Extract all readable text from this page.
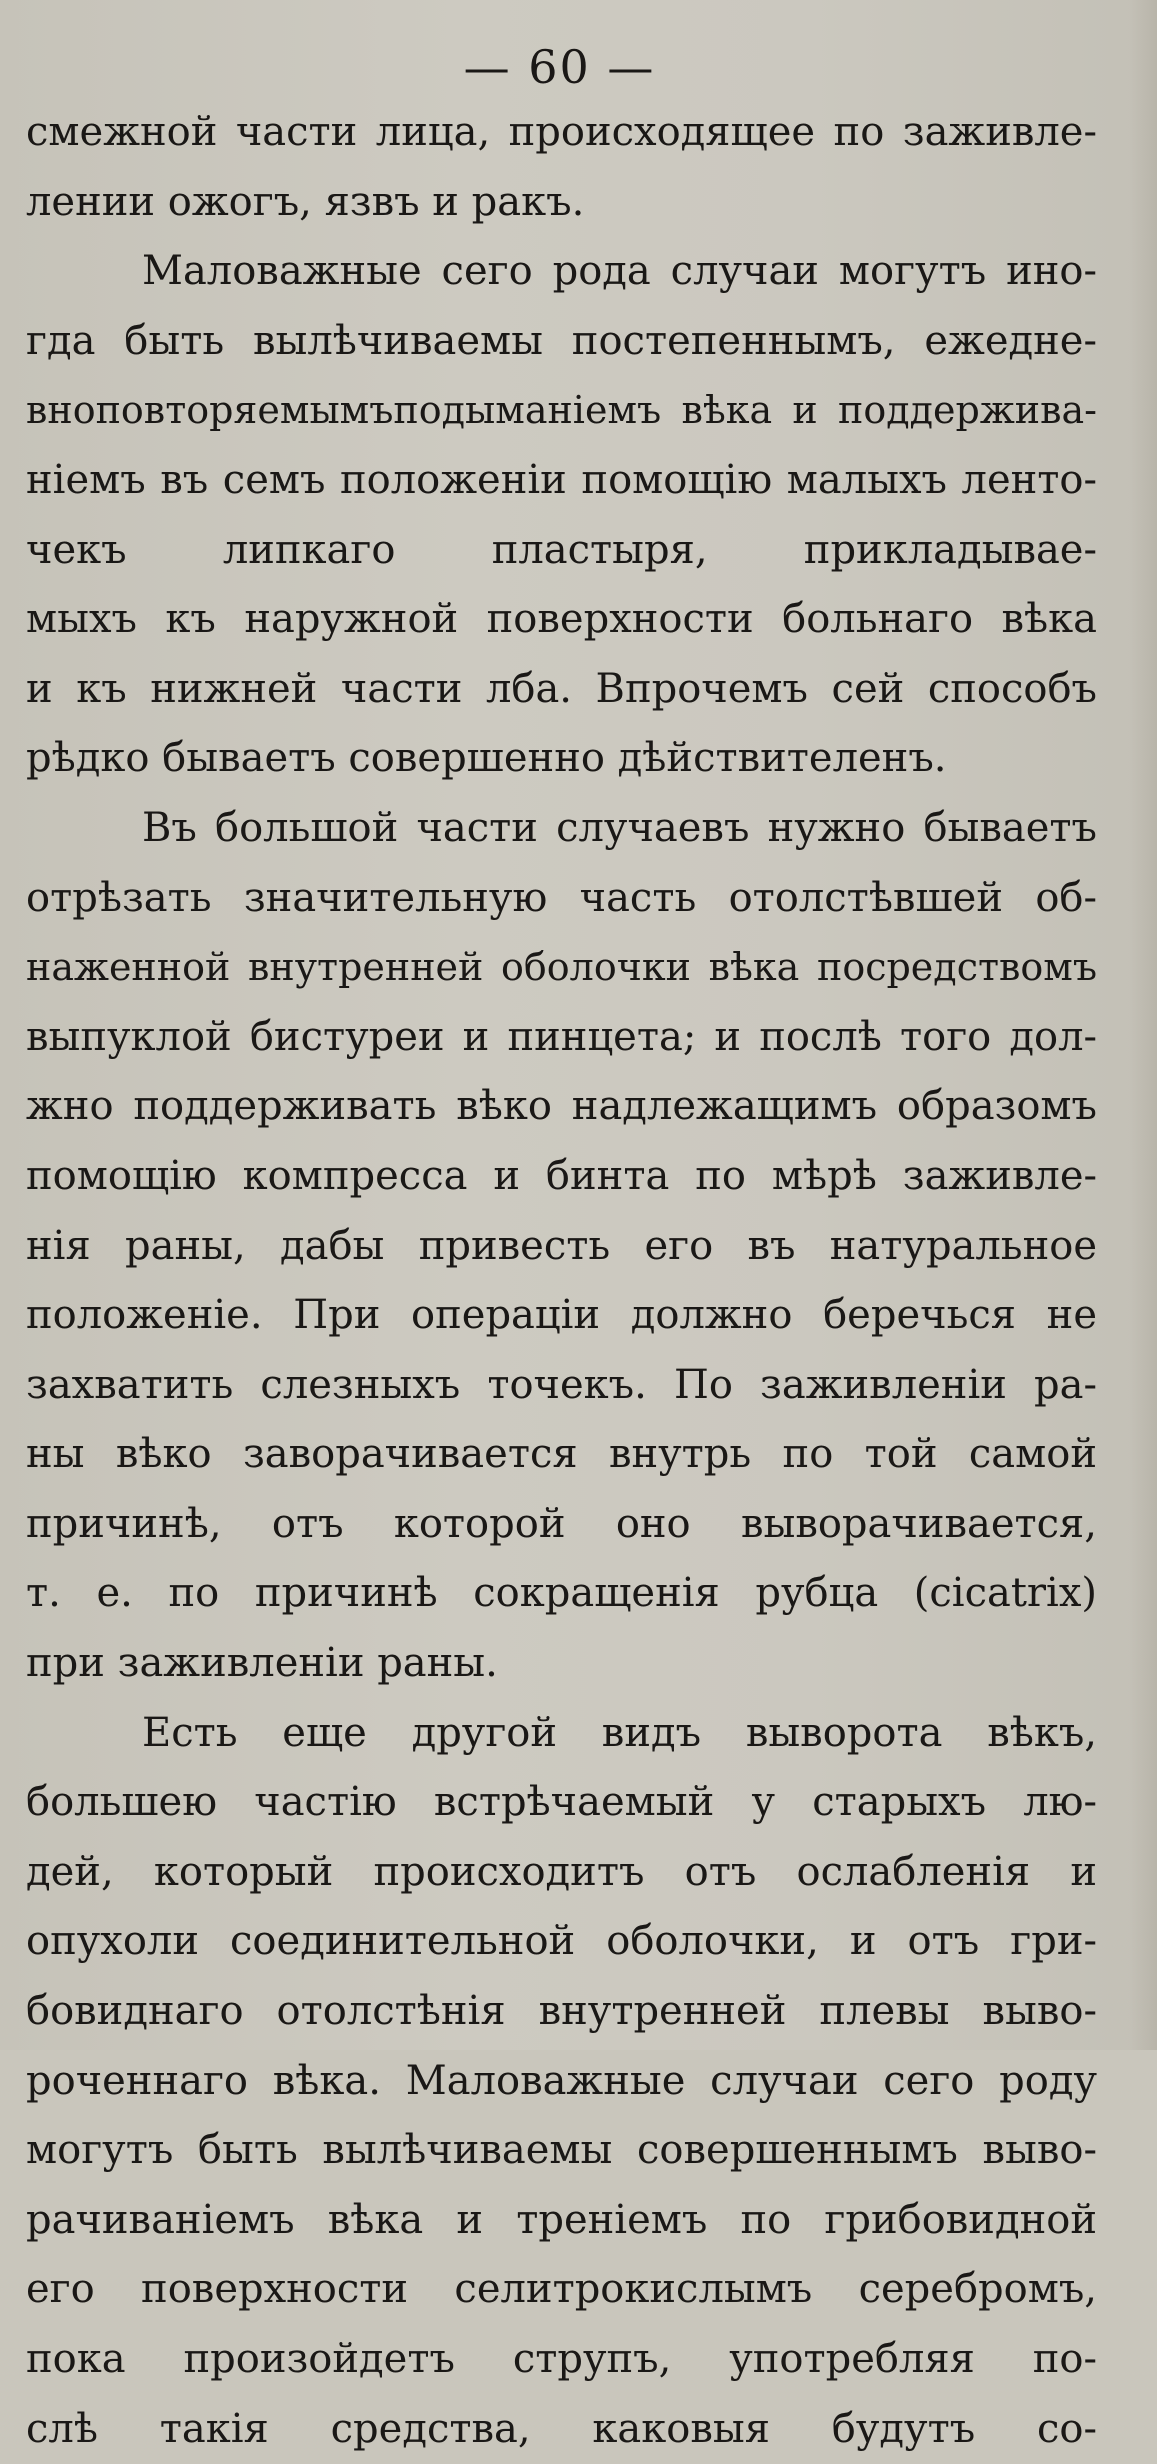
— 60 —
смежной части лица, происходящее по заживле-
лении ожогъ, язвъ и ракъ.
Маловажные сего рода случаи могутъ ино-
гда быть вылѣчиваемы постепеннымъ, ежедне-
вноповторяемымъподыманіемъ вѣка и поддержива-
ніемъ въ семъ положеніи помощію малыхъ ленто-
чекъ липкаго пластыря, прикладывае-
мыхъ къ наружной поверхности больнаго вѣка
и къ нижней части лба. Впрочемъ сей способъ
рѣдко бываетъ совершенно дѣйствителенъ.
Въ большой части случаевъ нужно бываетъ
отрѣзать значительную часть отолстѣвшей об-
наженной внутренней оболочки вѣка посредствомъ
выпуклой бистуреи и пинцета; и послѣ того дол-
жно поддерживать вѣко надлежащимъ образомъ
помощію компресса и бинта по мѣрѣ заживле-
нія раны, дабы привесть его въ натуральное
положеніе. При операціи должно беречься не
захватить слезныхъ точекъ. По заживленіи ра-
ны вѣко заворачивается внутрь по той самой
причинѣ, отъ которой оно выворачивается,
т. е. по причинѣ сокращенія рубца (cicatrix)
при заживленіи раны.
Есть еще другой видъ выворота вѣкъ,
большею частію встрѣчаемый у старыхъ лю-
дей, который происходитъ отъ ослабленія и
опухоли соединительной оболочки, и отъ гри-
бовиднаго отолстѣнія внутренней плевы выво-
роченнаго вѣка. Маловажные случаи сего роду
могутъ быть вылѣчиваемы совершеннымъ выво-
рачиваніемъ вѣка и треніемъ по грибовидной
его поверхности селитрокислымъ серебромъ,
пока произойдетъ струпъ, употребляя по-
слѣ такія средства, каковыя будутъ со-
